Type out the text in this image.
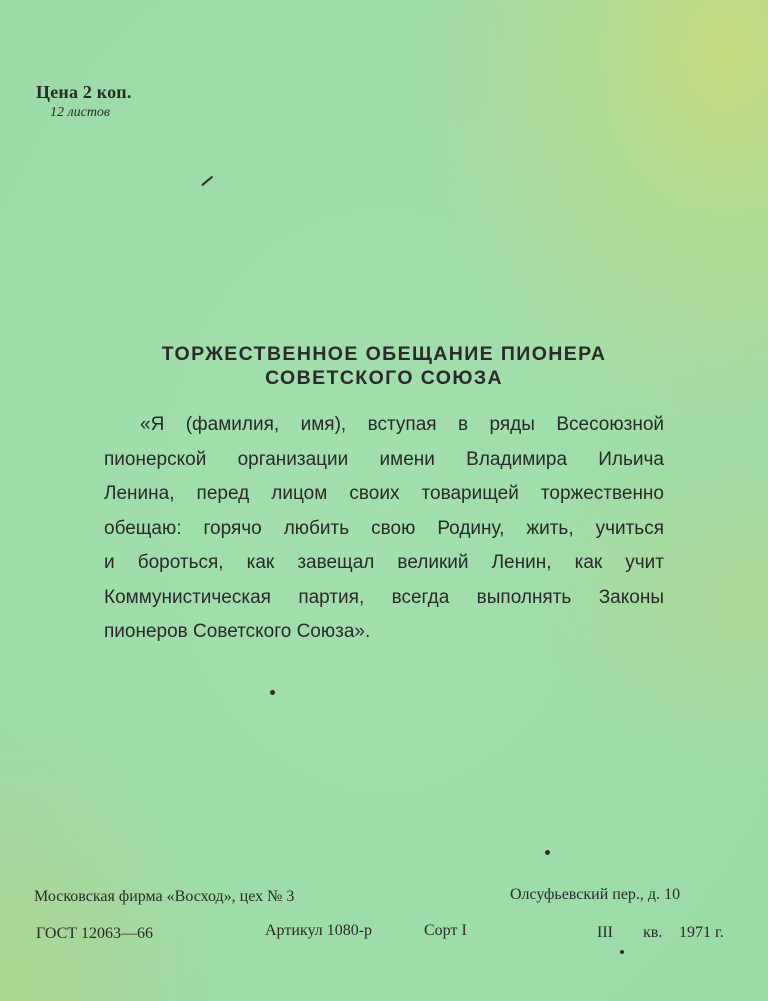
Цена 2 коп.
12 листов
ТОРЖЕСТВЕННОЕ ОБЕЩАНИЕ ПИОНЕРА
СОВЕТСКОГО СОЮЗА
«Я (фамилия, имя), вступая в ряды Всесоюзной
пионерской организации имени Владимира Ильича
Ленина, перед лицом своих товарищей торжественно
обещаю: горячо любить свою Родину, жить, учиться
и бороться, как завещал великий Ленин, как учит
Коммунистическая партия, всегда выполнять Законы
пионеров Советского Союза».
Московская фирма «Восход», цех № 3	Олсуфьевский пер., д. 10
ГОСТ 12063—66	Артикул 1080-р	Сорт I	III кв. 1971 г.
